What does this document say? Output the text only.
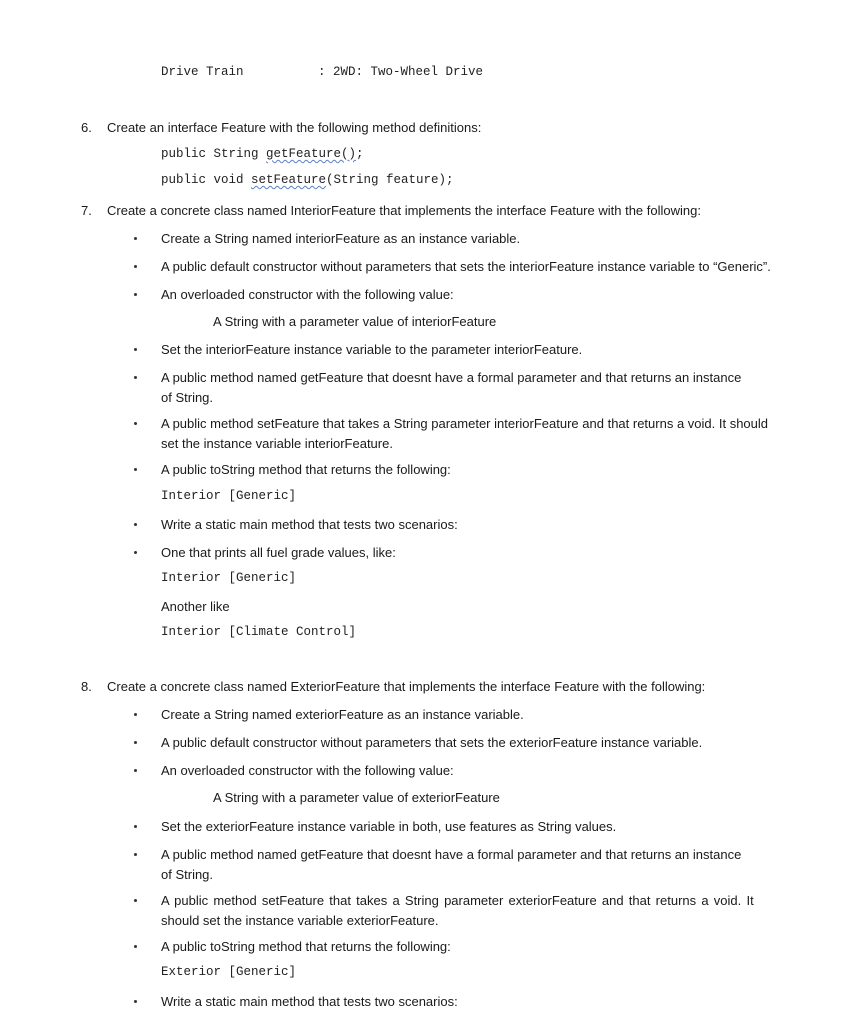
Drive Train	: 2WD: Two-Wheel Drive
6. Create an interface Feature with the following method definitions:
public String getFeature();
public void setFeature(String feature);
7. Create a concrete class named InteriorFeature that implements the interface Feature with the following:
Create a String named interiorFeature as an instance variable.
A public default constructor without parameters that sets the interiorFeature instance variable to “Generic”.
An overloaded constructor with the following value:
A String with a parameter value of interiorFeature
Set the interiorFeature instance variable to the parameter interiorFeature.
A public method named getFeature that doesnt have a formal parameter and that returns an instance
of String.
A public method setFeature that takes a String parameter interiorFeature and that returns a void. It should
set the instance variable interiorFeature.
A public toString method that returns the following:
Interior [Generic]
Write a static main method that tests two scenarios:
One that prints all fuel grade values, like:
Interior [Generic]
Another like
Interior [Climate Control]
8. Create a concrete class named ExteriorFeature that implements the interface Feature with the following:
Create a String named exteriorFeature as an instance variable.
A public default constructor without parameters that sets the exteriorFeature instance variable.
An overloaded constructor with the following value:
A String with a parameter value of exteriorFeature
Set the exteriorFeature instance variable in both, use features as String values.
A public method named getFeature that doesnt have a formal parameter and that returns an instance
of String.
A public method setFeature that takes a String parameter exteriorFeature and that returns a void. It
should set the instance variable exteriorFeature.
A public toString method that returns the following:
Exterior [Generic]
Write a static main method that tests two scenarios:
